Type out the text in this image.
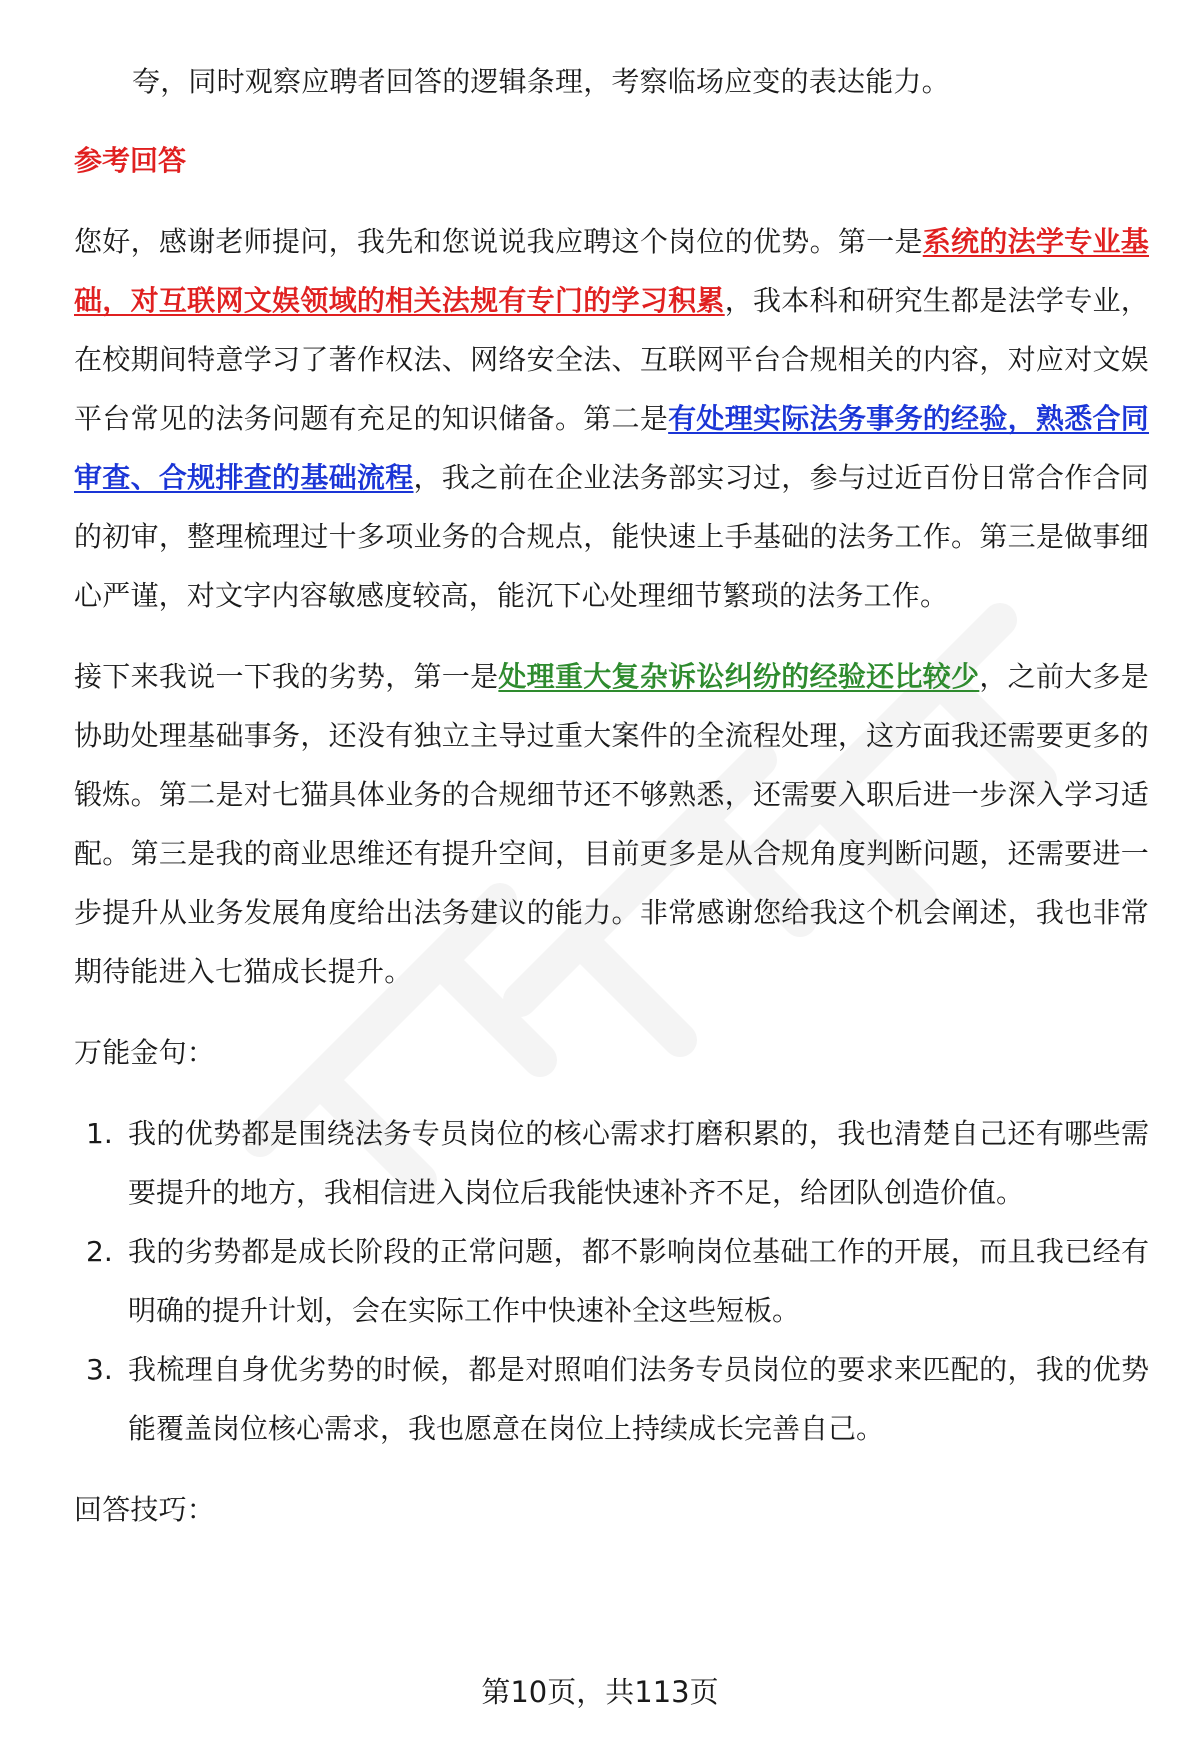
夸，同时观察应聘者回答的逻辑条理，考察临场应变的表达能力。

参考回答

您好，感谢老师提问，我先和您说说我应聘这个岗位的优势。第一是系统的法学专业基础，对互联网文娱领域的相关法规有专门的学习积累，我本科和研究生都是法学专业，在校期间特意学习了著作权法、网络安全法、互联网平台合规相关的内容，对应对文娱平台常见的法务问题有充足的知识储备。第二是有处理实际法务事务的经验，熟悉合同审查、合规排查的基础流程，我之前在企业法务部实习过，参与过近百份日常合作合同的初审，整理梳理过十多项业务的合规点，能快速上手基础的法务工作。第三是做事细心严谨，对文字内容敏感度较高，能沉下心处理细节繁琐的法务工作。

接下来我说一下我的劣势，第一是处理重大复杂诉讼纠纷的经验还比较少，之前大多是协助处理基础事务，还没有独立主导过重大案件的全流程处理，这方面我还需要更多的锻炼。第二是对七猫具体业务的合规细节还不够熟悉，还需要入职后进一步深入学习适配。第三是我的商业思维还有提升空间，目前更多是从合规角度判断问题，还需要进一步提升从业务发展角度给出法务建议的能力。非常感谢您给我这个机会阐述，我也非常期待能进入七猫成长提升。

万能金句：

1. 我的优势都是围绕法务专员岗位的核心需求打磨积累的，我也清楚自己还有哪些需要提升的地方，我相信进入岗位后我能快速补齐不足，给团队创造价值。
2. 我的劣势都是成长阶段的正常问题，都不影响岗位基础工作的开展，而且我已经有明确的提升计划，会在实际工作中快速补全这些短板。
3. 我梳理自身优劣势的时候，都是对照咱们法务专员岗位的要求来匹配的，我的优势能覆盖岗位核心需求，我也愿意在岗位上持续成长完善自己。

回答技巧：

第10页，共113页
